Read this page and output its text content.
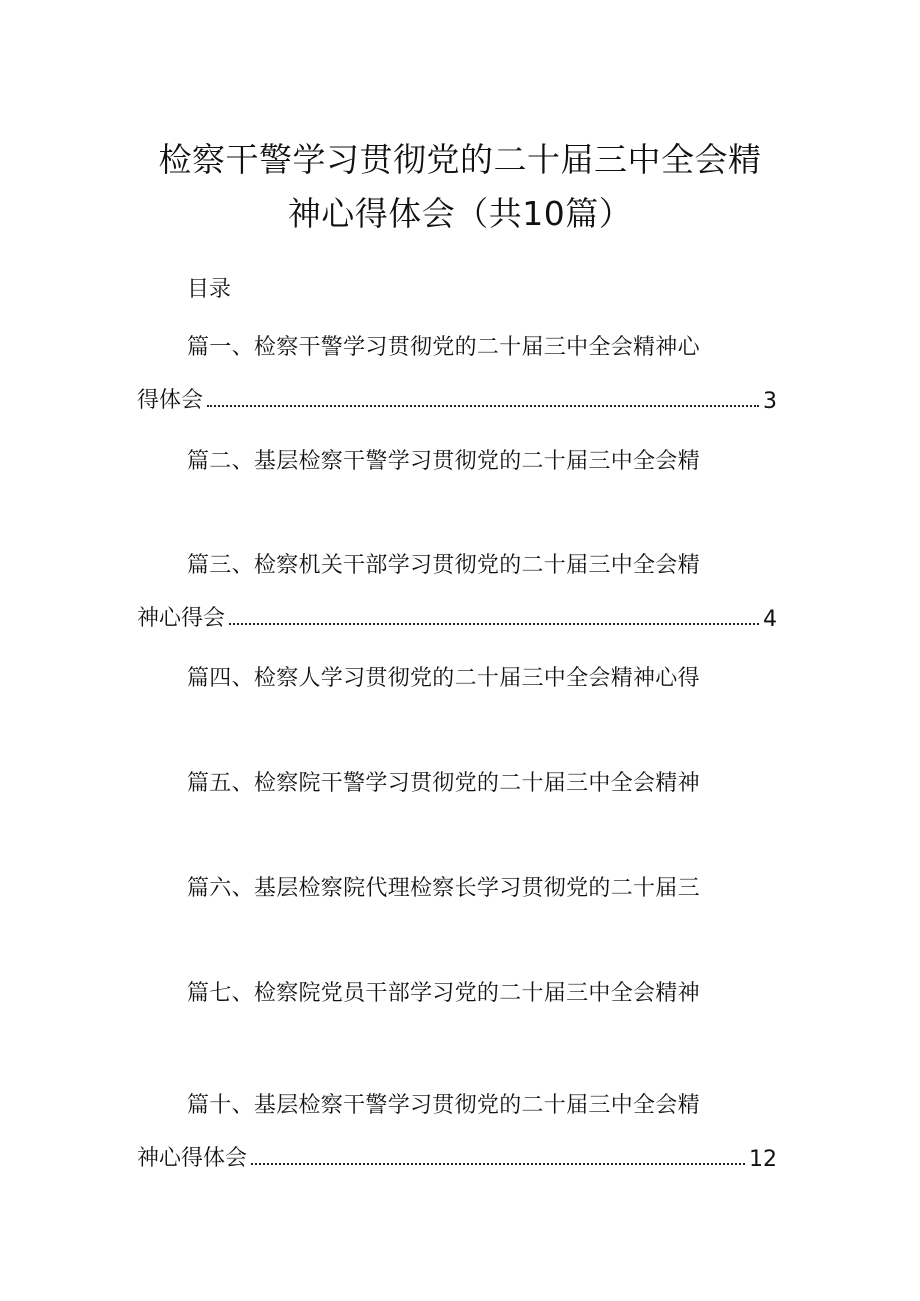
检察干警学习贯彻党的二十届三中全会精
神心得体会（共10篇）
目录
篇一、检察干警学习贯彻党的二十届三中全会精神心
得体会	3
篇二、基层检察干警学习贯彻党的二十届三中全会精
篇三、检察机关干部学习贯彻党的二十届三中全会精
神心得会	4
篇四、检察人学习贯彻党的二十届三中全会精神心得
篇五、检察院干警学习贯彻党的二十届三中全会精神
篇六、基层检察院代理检察长学习贯彻党的二十届三
篇七、检察院党员干部学习党的二十届三中全会精神
篇十、基层检察干警学习贯彻党的二十届三中全会精
神心得体会	12
